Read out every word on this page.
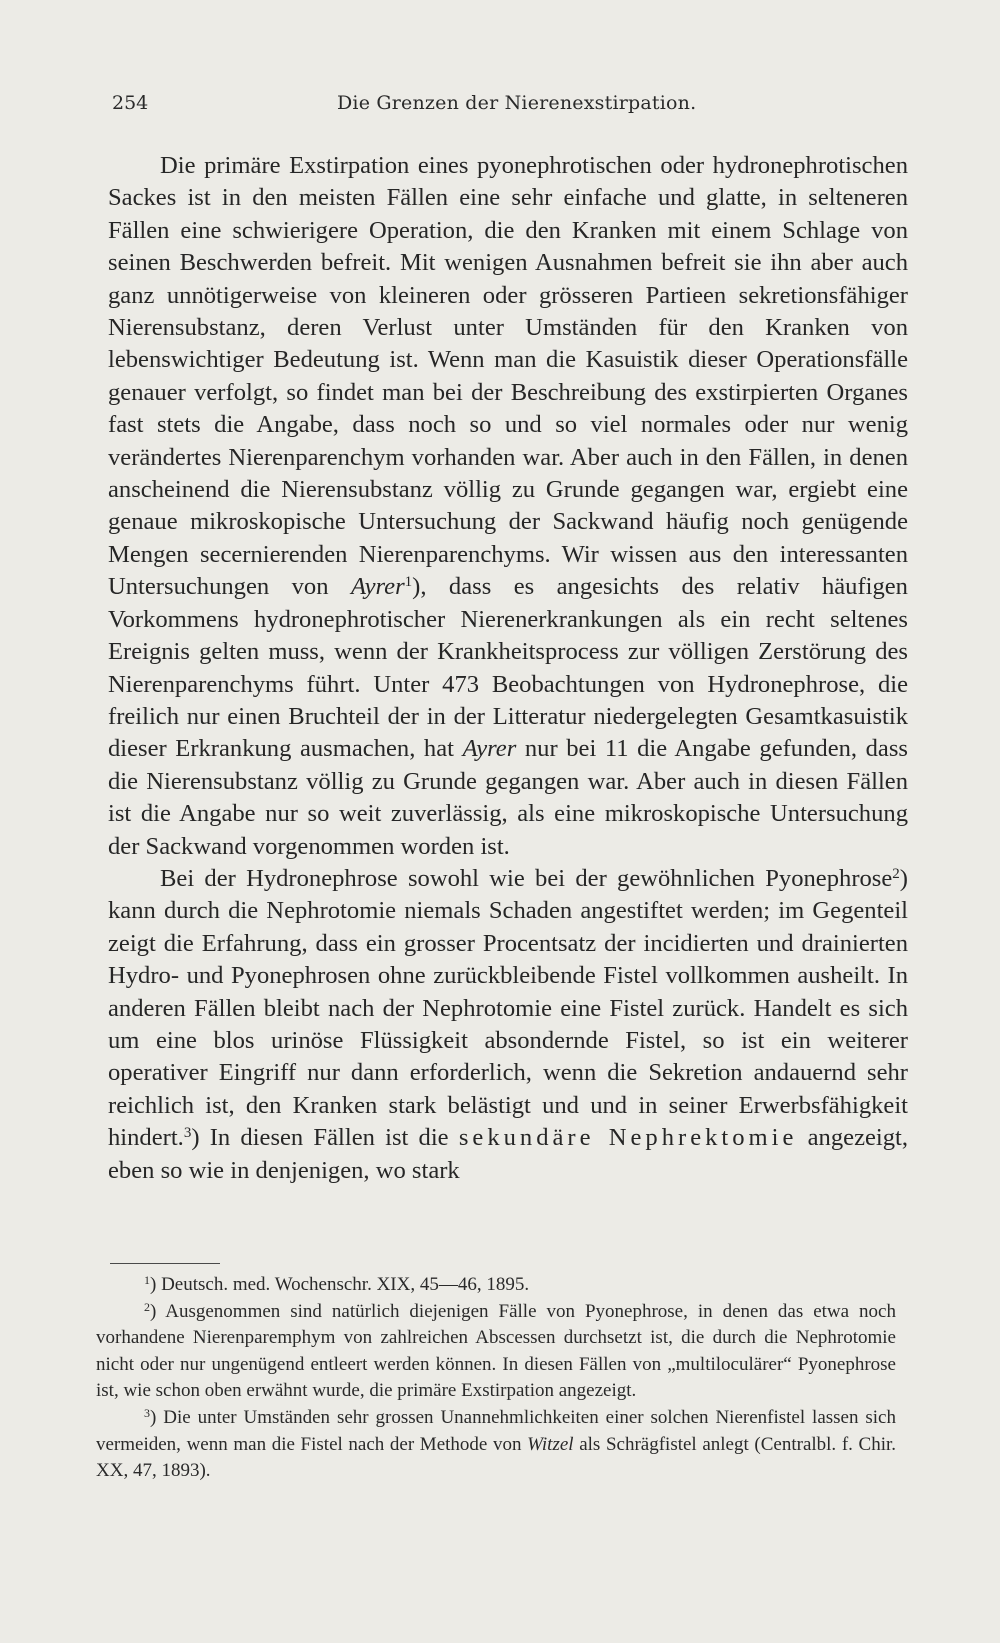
254	Die Grenzen der Nierenexstirpation.

Die primäre Exstirpation eines pyonephrotischen oder hydronephrotischen Sackes ist in den meisten Fällen eine sehr einfache und glatte, in selteneren Fällen eine schwierigere Operation, die den Kranken mit einem Schlage von seinen Beschwerden befreit. Mit wenigen Ausnahmen befreit sie ihn aber auch ganz unnötigerweise von kleineren oder grösseren Partieen sekretionsfähiger Nierensubstanz, deren Verlust unter Umständen für den Kranken von lebenswichtiger Bedeutung ist. Wenn man die Kasuistik dieser Operationsfälle genauer verfolgt, so findet man bei der Beschreibung des exstirpierten Organes fast stets die Angabe, dass noch so und so viel normales oder nur wenig verändertes Nierenparenchym vorhanden war. Aber auch in den Fällen, in denen anscheinend die Nierensubstanz völlig zu Grunde gegangen war, ergiebt eine genaue mikroskopische Untersuchung der Sackwand häufig noch genügende Mengen secernierenden Nierenparenchyms. Wir wissen aus den interessanten Untersuchungen von Ayrer$^1$), dass es angesichts des relativ häufigen Vorkommens hydronephrotischer Nierenerkrankungen als ein recht seltenes Ereignis gelten muss, wenn der Krankheitsprocess zur völligen Zerstörung des Nierenparenchyms führt. Unter 473 Beobachtungen von Hydronephrose, die freilich nur einen Bruchteil der in der Litteratur niedergelegten Gesamtkasuistik dieser Erkrankung ausmachen, hat Ayrer nur bei 11 die Angabe gefunden, dass die Nierensubstanz völlig zu Grunde gegangen war. Aber auch in diesen Fällen ist die Angabe nur so weit zuverlässig, als eine mikroskopische Untersuchung der Sackwand vorgenommen worden ist.

Bei der Hydronephrose sowohl wie bei der gewöhnlichen Pyonephrose$^2$) kann durch die Nephrotomie niemals Schaden angestiftet werden; im Gegenteil zeigt die Erfahrung, dass ein grosser Procentsatz der incidierten und drainierten Hydro- und Pyonephrosen ohne zurückbleibende Fistel vollkommen ausheilt. In anderen Fällen bleibt nach der Nephrotomie eine Fistel zurück. Handelt es sich um eine blos urinöse Flüssigkeit absondernde Fistel, so ist ein weiterer operativer Eingriff nur dann erforderlich, wenn die Sekretion andauernd sehr reichlich ist, den Kranken stark belästigt und und in seiner Erwerbsfähigkeit hindert.$^3$) In diesen Fällen ist die sekundäre Nephrektomie angezeigt, eben so wie in denjenigen, wo stark

$^1$) Deutsch. med. Wochenschr. XIX, 45—46, 1895.

$^2$) Ausgenommen sind natürlich diejenigen Fälle von Pyonephrose, in denen das etwa noch vorhandene Nierenparemphym von zahlreichen Abscessen durchsetzt ist, die durch die Nephrotomie nicht oder nur ungenügend entleert werden können. In diesen Fällen von „multiloculärer“ Pyonephrose ist, wie schon oben erwähnt wurde, die primäre Exstirpation angezeigt.

$^3$) Die unter Umständen sehr grossen Unannehmlichkeiten einer solchen Nierenfistel lassen sich vermeiden, wenn man die Fistel nach der Methode von Witzel als Schrägfistel anlegt (Centralbl. f. Chir. XX, 47, 1893).
